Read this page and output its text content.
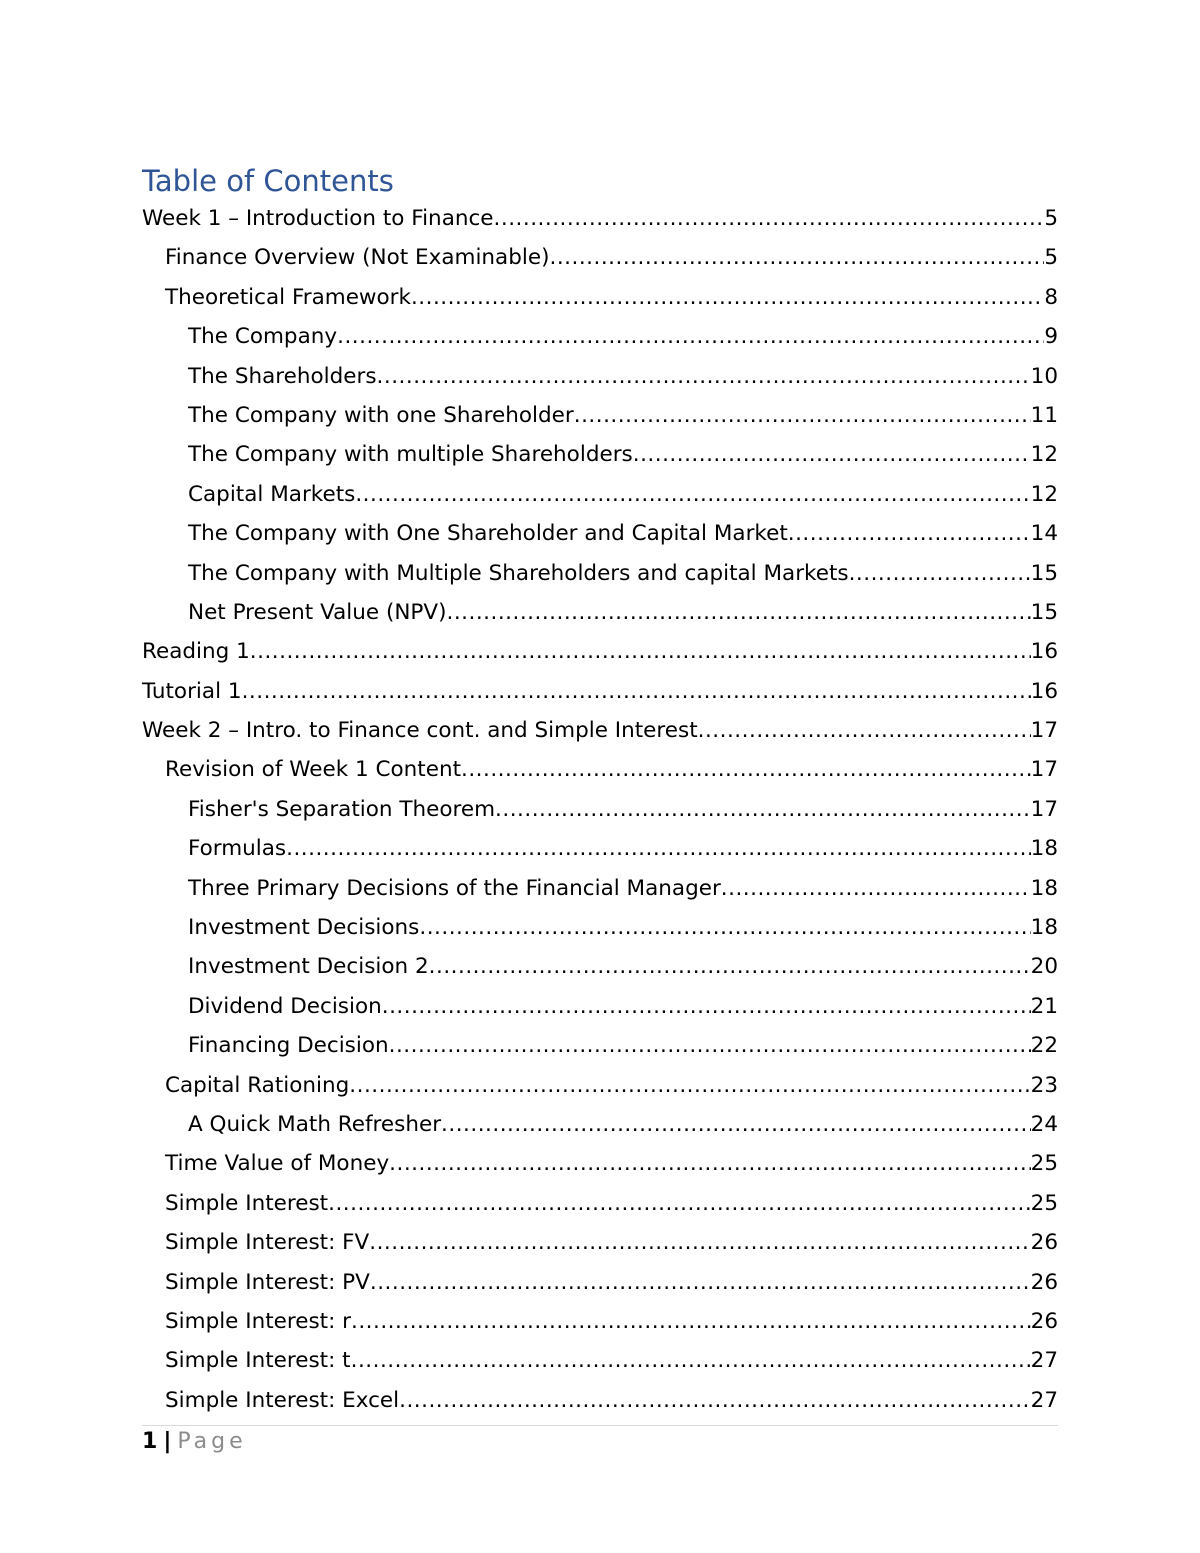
Table of Contents
Week 1 – Introduction to Finance .....	5
Finance Overview (Not Examinable) .....	5
Theoretical Framework .....	8
The Company .....	9
The Shareholders .....	10
The Company with one Shareholder .....	11
The Company with multiple Shareholders .....	12
Capital Markets .....	12
The Company with One Shareholder and Capital Market .....	14
The Company with Multiple Shareholders and capital Markets .....	15
Net Present Value (NPV) .....	15
Reading 1 .....	16
Tutorial 1 .....	16
Week 2 – Intro. to Finance cont. and Simple Interest .....	17
Revision of Week 1 Content .....	17
Fisher's Separation Theorem .....	17
Formulas .....	18
Three Primary Decisions of the Financial Manager .....	18
Investment Decisions .....	18
Investment Decision 2 .....	20
Dividend Decision .....	21
Financing Decision .....	22
Capital Rationing .....	23
A Quick Math Refresher .....	24
Time Value of Money .....	25
Simple Interest .....	25
Simple Interest: FV .....	26
Simple Interest: PV .....	26
Simple Interest: r .....	26
Simple Interest: t .....	27
Simple Interest: Excel .....	27
1 | Page
